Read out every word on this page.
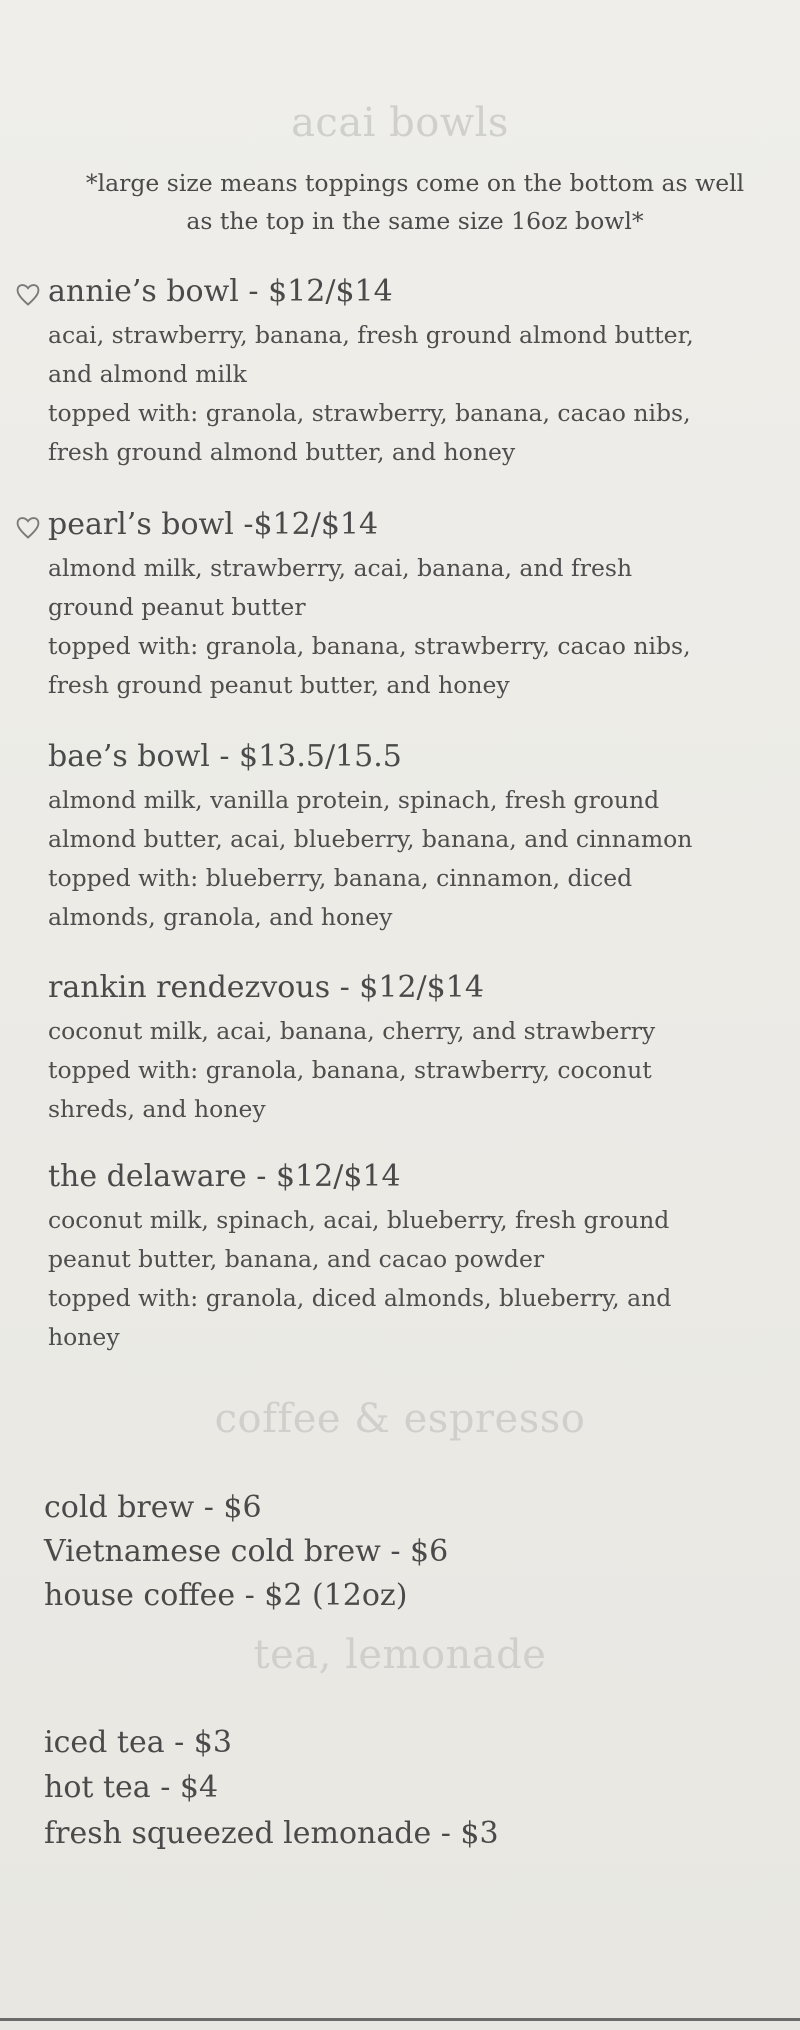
acai bowls
*large size means toppings come on the bottom as well as the top in the same size 16oz bowl*
annie’s bowl - $12/$14
acai, strawberry, banana, fresh ground almond butter,
and almond milk
topped with: granola, strawberry, banana, cacao nibs,
fresh ground almond butter, and honey
pearl’s bowl -$12/$14
almond milk, strawberry, acai, banana, and fresh
ground peanut butter
topped with: granola, banana, strawberry, cacao nibs,
fresh ground peanut butter, and honey
bae’s bowl - $13.5/15.5
almond milk, vanilla protein, spinach, fresh ground
almond butter, acai, blueberry, banana, and cinnamon
topped with: blueberry, banana, cinnamon, diced
almonds, granola, and honey
rankin rendezvous - $12/$14
coconut milk, acai, banana, cherry, and strawberry
topped with: granola, banana, strawberry, coconut
shreds, and honey
the delaware - $12/$14
coconut milk, spinach, acai, blueberry, fresh ground
peanut butter, banana, and cacao powder
topped with: granola, diced almonds, blueberry, and
honey
coffee & espresso
cold brew - $6
Vietnamese cold brew - $6
house coffee - $2 (12oz)
tea, lemonade
iced tea - $3
hot tea - $4
fresh squeezed lemonade - $3
